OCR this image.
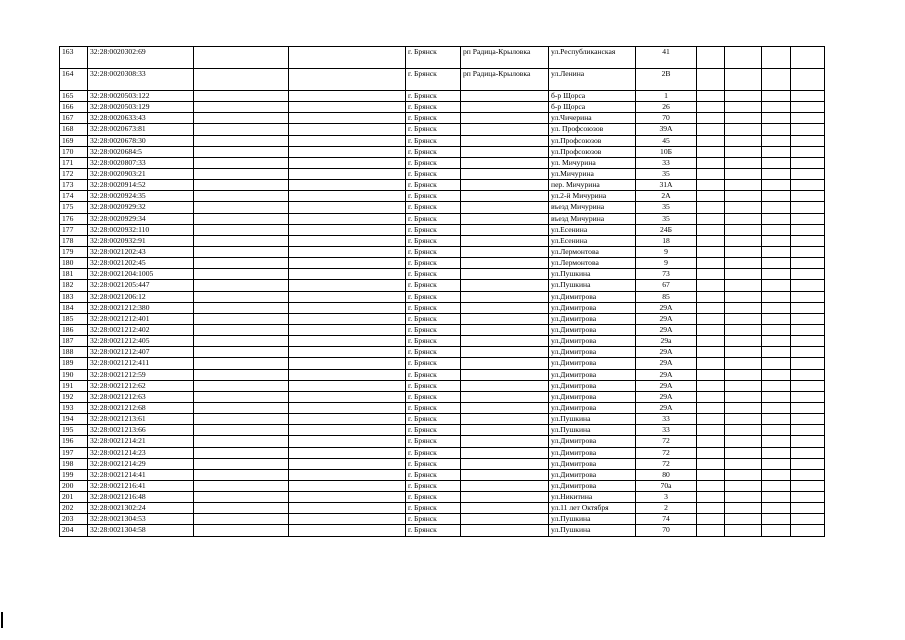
163	32:28:0020302:69			г. Брянск	рп Радица-Крыловка	ул.Республиканская	41				
164	32:28:0020308:33			г. Брянск	рп Радица-Крыловка	ул.Ленина	2В				
165	32:28:0020503:122			г. Брянск		б-р Щорса	1				
166	32:28:0020503:129			г. Брянск		б-р Щорса	26				
167	32:28:0020633:43			г. Брянск		ул.Чичерина	70				
168	32:28:0020673:81			г. Брянск		ул. Профсоюзов	39А				
169	32:28:0020678:30			г. Брянск		ул.Профсоюзов	45				
170	32:28:0020684:5			г. Брянск		ул.Профсоюзов	10Б				
171	32:28:0020807:33			г. Брянск		ул. Мичурина	33				
172	32:28:0020903:21			г. Брянск		ул.Мичурина	35				
173	32:28:0020914:52			г. Брянск		пер. Мичурина	31А				
174	32:28:0020924:35			г. Брянск		ул.2-й Мичурина	2А				
175	32:28:0020929:32			г. Брянск		въезд Мичурина	35				
176	32:28:0020929:34			г. Брянск		въезд Мичурина	35				
177	32:28:0020932:110			г. Брянск		ул.Есенина	24Б				
178	32:28:0020932:91			г. Брянск		ул.Есенина	18				
179	32:28:0021202:43			г. Брянск		ул.Лермонтова	9				
180	32:28:0021202:45			г. Брянск		ул.Лермонтова	9				
181	32:28:0021204:1005			г. Брянск		ул.Пушкина	73				
182	32:28:0021205:447			г. Брянск		ул.Пушкина	67				
183	32:28:0021206:12			г. Брянск		ул.Димитрова	85				
184	32:28:0021212:380			г. Брянск		ул.Димитрова	29А				
185	32:28:0021212:401			г. Брянск		ул.Димитрова	29А				
186	32:28:0021212:402			г. Брянск		ул.Димитрова	29А				
187	32:28:0021212:405			г. Брянск		ул.Димитрова	29а				
188	32:28:0021212:407			г. Брянск		ул.Димитрова	29А				
189	32:28:0021212:411			г. Брянск		ул.Димитрова	29А				
190	32:28:0021212:59			г. Брянск		ул.Димитрова	29А				
191	32:28:0021212:62			г. Брянск		ул.Димитрова	29А				
192	32:28:0021212:63			г. Брянск		ул.Димитрова	29А				
193	32:28:0021212:68			г. Брянск		ул.Димитрова	29А				
194	32:28:0021213:61			г. Брянск		ул.Пушкина	33				
195	32:28:0021213:66			г. Брянск		ул.Пушкина	33				
196	32:28:0021214:21			г. Брянск		ул.Димитрова	72				
197	32:28:0021214:23			г. Брянск		ул.Димитрова	72				
198	32:28:0021214:29			г. Брянск		ул.Димитрова	72				
199	32:28:0021214:41			г. Брянск		ул.Димитрова	80				
200	32:28:0021216:41			г. Брянск		ул.Димитрова	70а				
201	32:28:0021216:48			г. Брянск		ул.Никитина	3				
202	32:28:0021302:24			г. Брянск		ул.11 лет Октября	2				
203	32:28:0021304:53			г. Брянск		ул.Пушкина	74				
204	32:28:0021304:58			г. Брянск		ул.Пушкина	70				
